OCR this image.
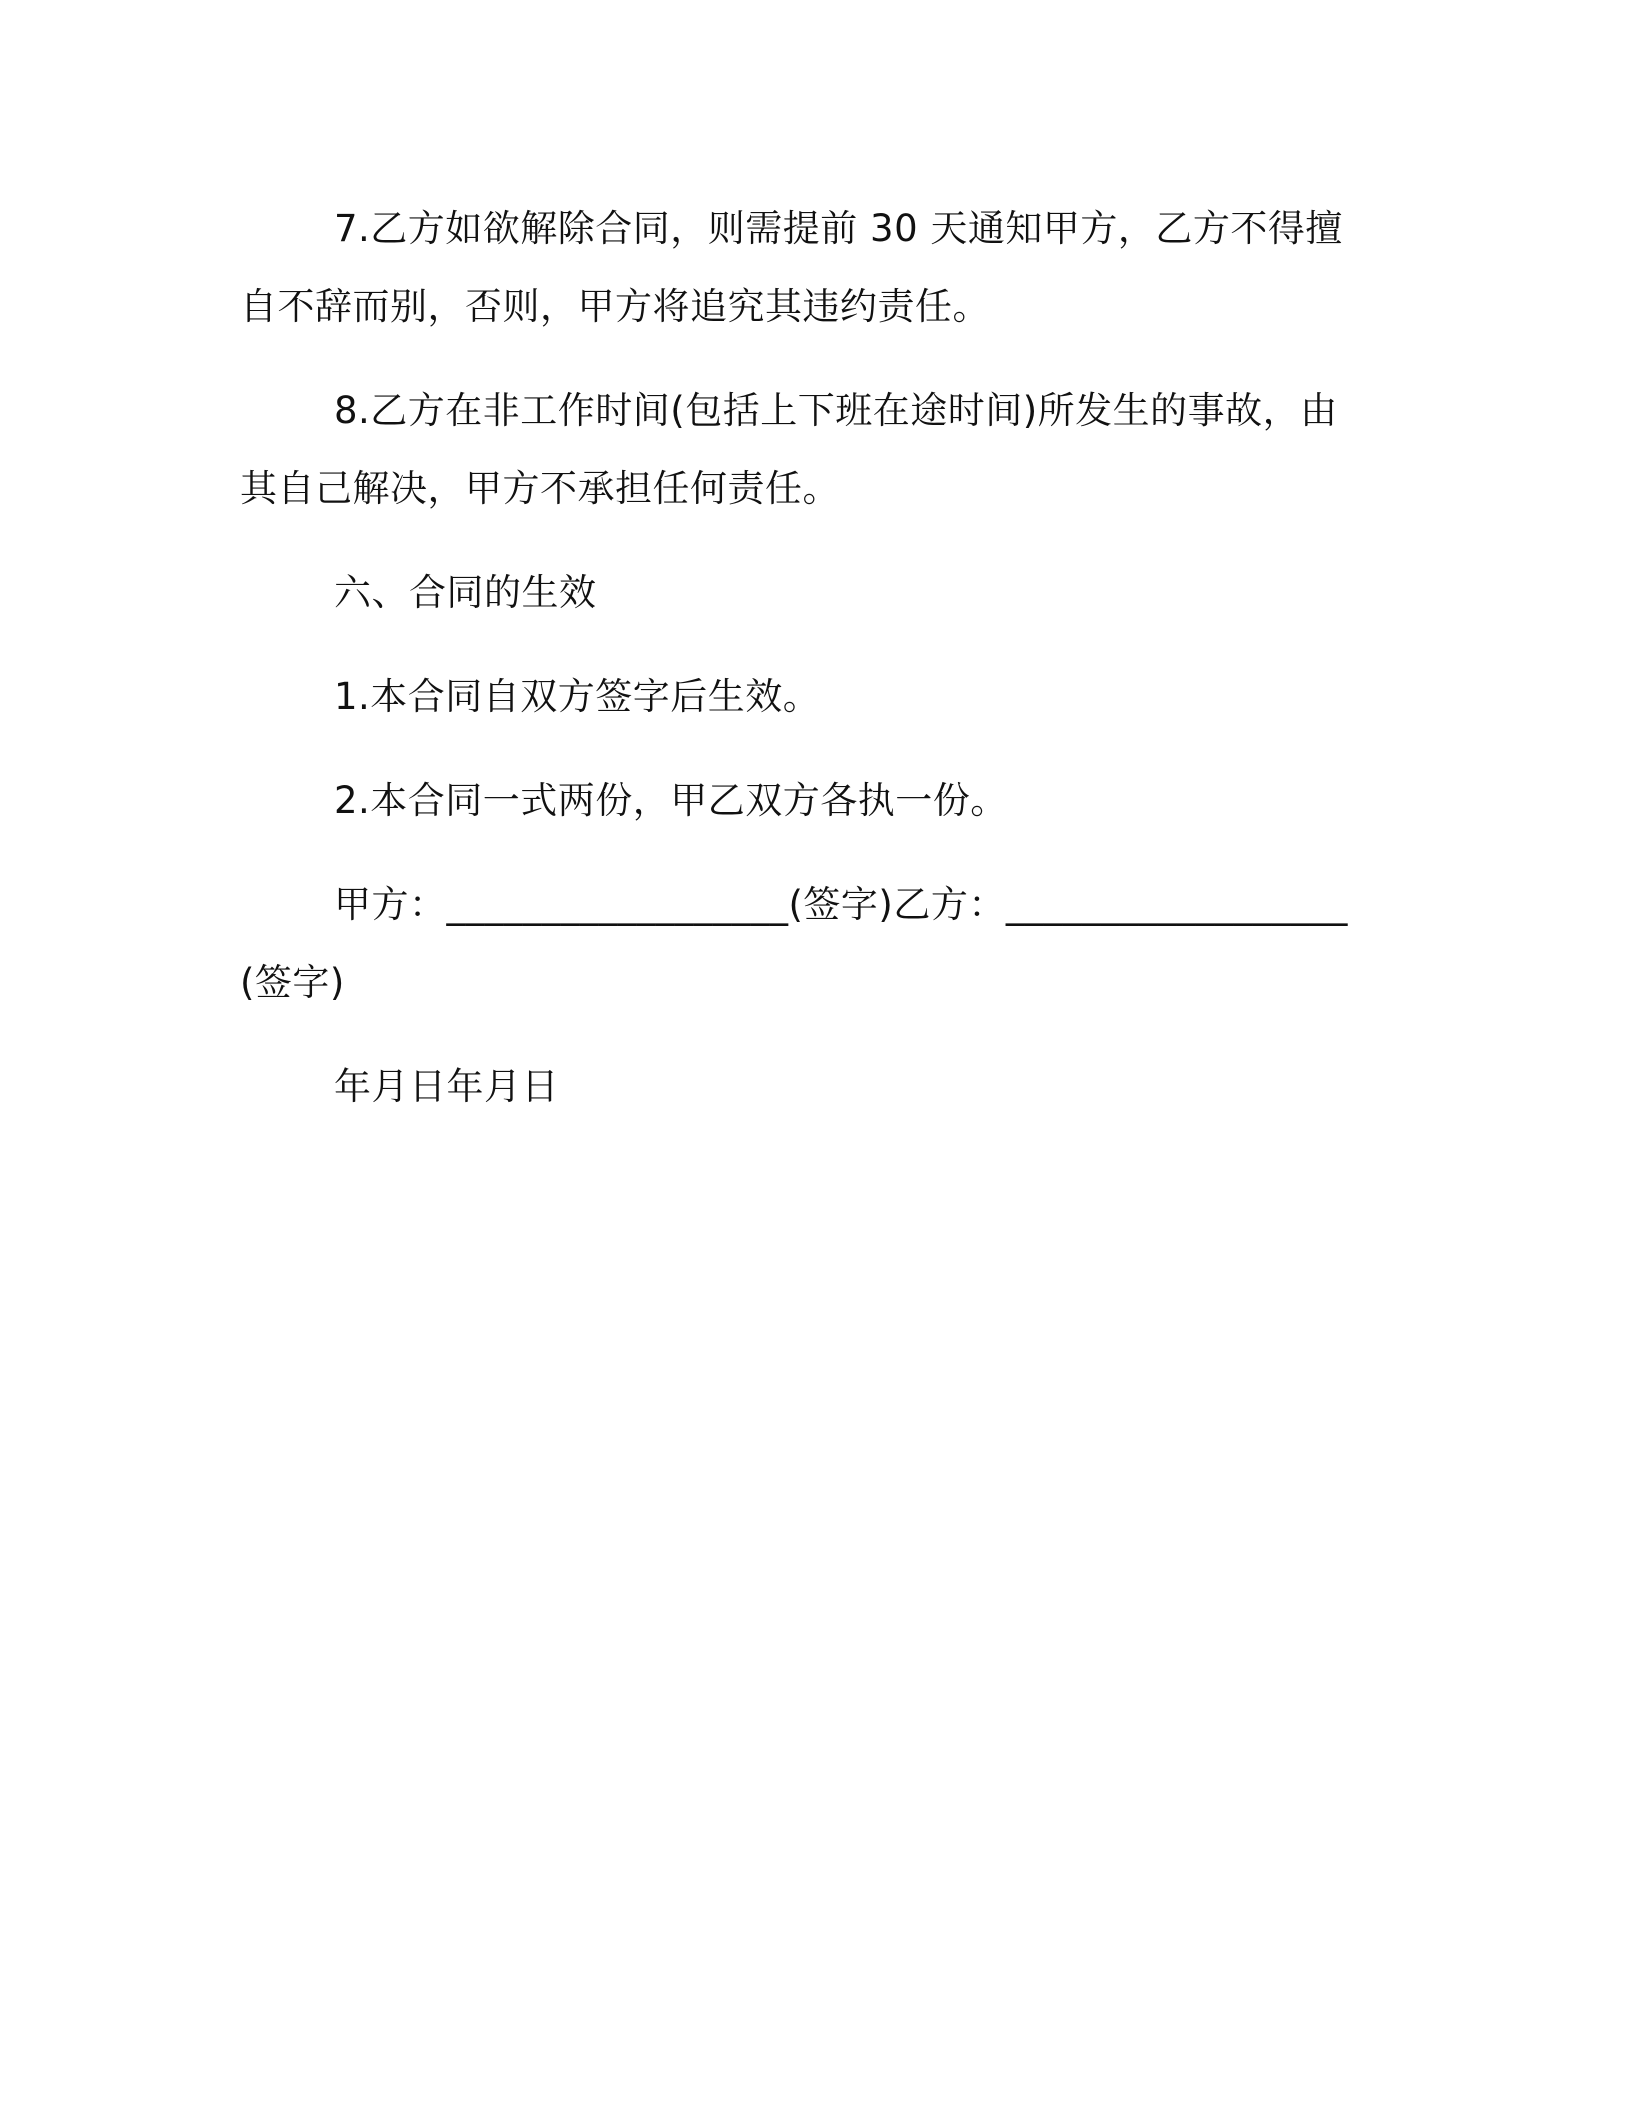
7.乙方如欲解除合同，则需提前 30 天通知甲方，乙方不得擅自不辞而别，否则，甲方将追究其违约责任。

8.乙方在非工作时间(包括上下班在途时间)所发生的事故，由其自己解决，甲方不承担任何责任。

六、合同的生效

1.本合同自双方签字后生效。

2.本合同一式两份，甲乙双方各执一份。

甲方：__________________(签字)乙方：__________________(签字)

年月日年月日
